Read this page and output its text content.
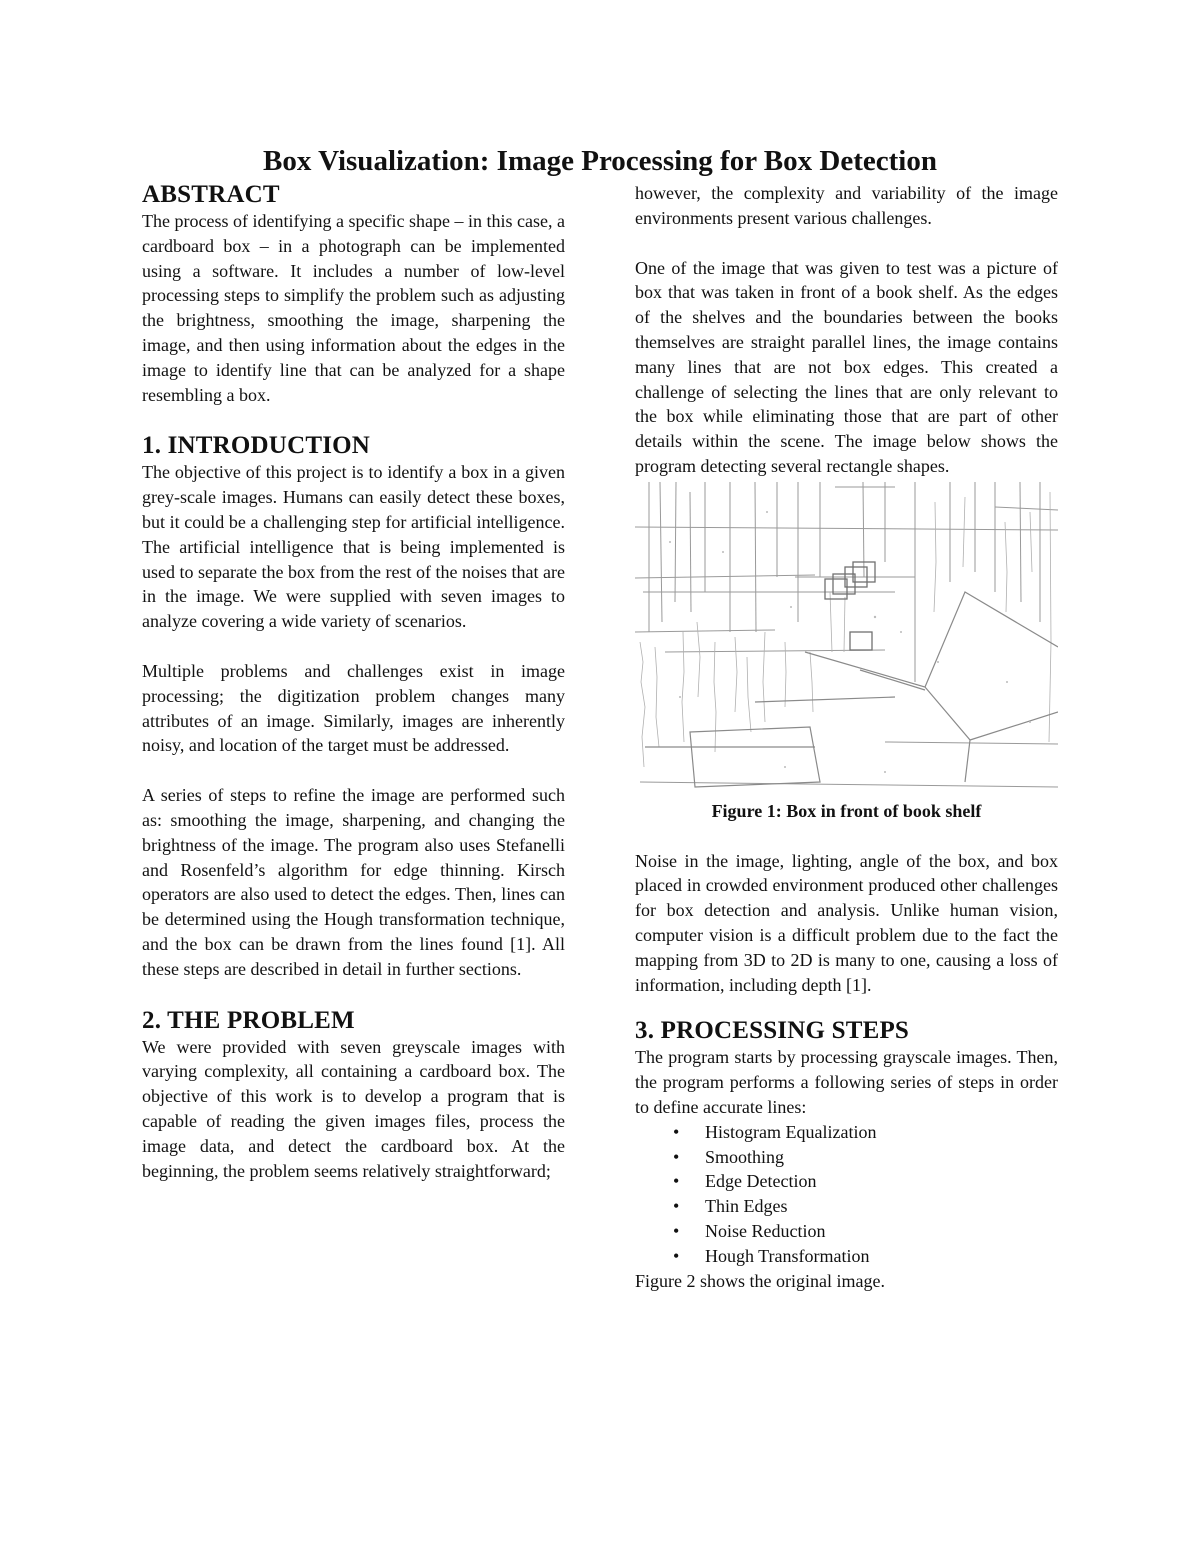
Box Visualization: Image Processing for Box Detection
ABSTRACT

The process of identifying a specific shape – in this case, a cardboard box – in a photograph can be implemented using a software. It includes a number of low-level processing steps to simplify the problem such as adjusting the brightness, smoothing the image, sharpening the image, and then using information about the edges in the image to identify line that can be analyzed for a shape resembling a box.

1. INTRODUCTION

The objective of this project is to identify a box in a given grey-scale images. Humans can easily detect these boxes, but it could be a challenging step for artificial intelligence. The artificial intelligence that is being implemented is used to separate the box from the rest of the noises that are in the image. We were supplied with seven images to analyze covering a wide variety of scenarios.

Multiple problems and challenges exist in image processing; the digitization problem changes many attributes of an image. Similarly, images are inherently noisy, and location of the target must be addressed.

A series of steps to refine the image are performed such as: smoothing the image, sharpening, and changing the brightness of the image. The program also uses Stefanelli and Rosenfeld’s algorithm for edge thinning. Kirsch operators are also used to detect the edges. Then, lines can be determined using the Hough transformation technique, and the box can be drawn from the lines found [1]. All these steps are described in detail in further sections.

2. THE PROBLEM

We were provided with seven greyscale images with varying complexity, all containing a cardboard box. The objective of this work is to develop a program that is capable of reading the given images files, process the image data, and detect the cardboard box. At the beginning, the problem seems relatively straightforward;

however, the complexity and variability of the image environments present various challenges.

One of the image that was given to test was a picture of box that was taken in front of a book shelf. As the edges of the shelves and the boundaries between the books themselves are straight parallel lines, the image contains many lines that are not box edges. This created a challenge of selecting the lines that are only relevant to the box while eliminating those that are part of other details within the scene. The image below shows the program detecting several rectangle shapes.

Figure 1: Box in front of book shelf

Noise in the image, lighting, angle of the box, and box placed in crowded environment produced other challenges for box detection and analysis. Unlike human vision, computer vision is a difficult problem due to the fact the mapping from 3D to 2D is many to one, causing a loss of information, including depth [1].

3. PROCESSING STEPS

The program starts by processing grayscale images. Then, the program performs a following series of steps in order to define accurate lines:

• Histogram Equalization
• Smoothing
• Edge Detection
• Thin Edges
• Noise Reduction
• Hough Transformation

Figure 2 shows the original image.
